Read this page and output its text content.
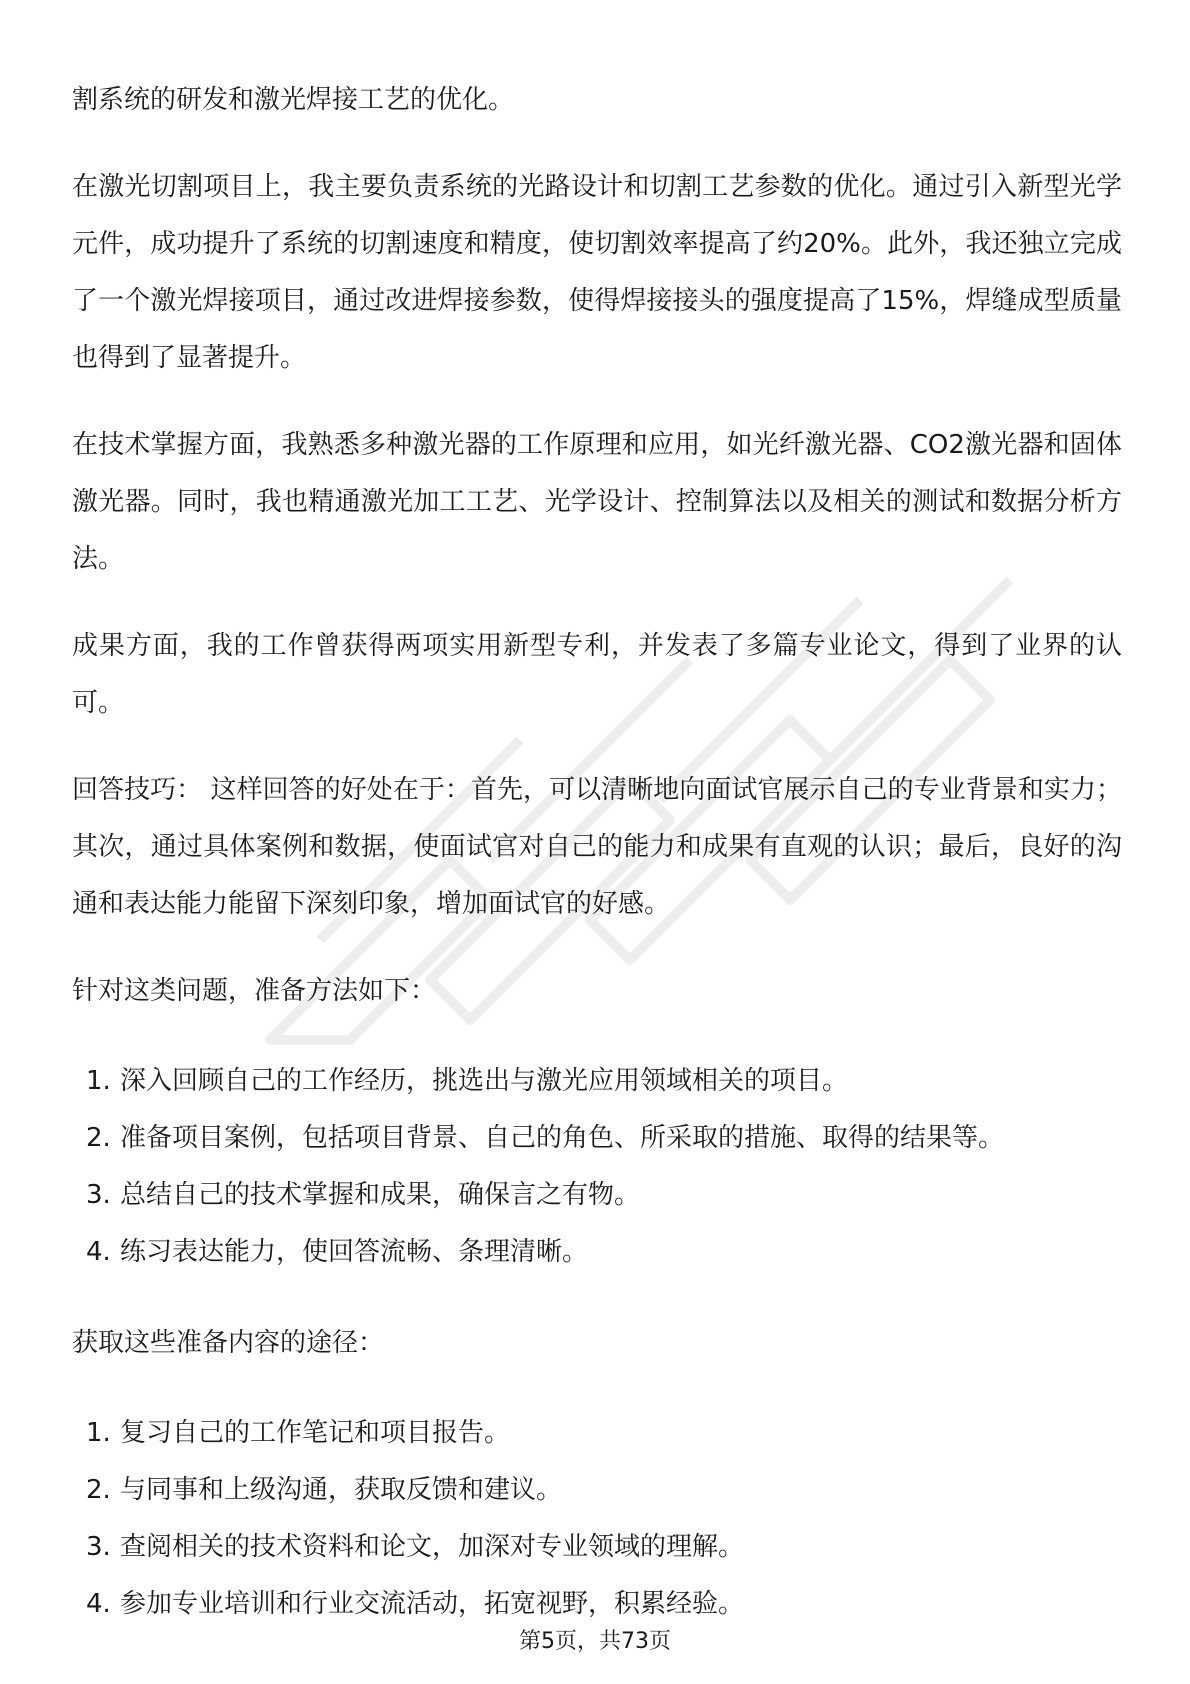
割系统的研发和激光焊接工艺的优化。

在激光切割项目上，我主要负责系统的光路设计和切割工艺参数的优化。通过引入新型光学元件，成功提升了系统的切割速度和精度，使切割效率提高了约20%。此外，我还独立完成了一个激光焊接项目，通过改进焊接参数，使得焊接接头的强度提高了15%，焊缝成型质量也得到了显著提升。

在技术掌握方面，我熟悉多种激光器的工作原理和应用，如光纤激光器、CO2激光器和固体激光器。同时，我也精通激光加工工艺、光学设计、控制算法以及相关的测试和数据分析方法。

成果方面，我的工作曾获得两项实用新型专利，并发表了多篇专业论文，得到了业界的认可。

回答技巧： 这样回答的好处在于：首先，可以清晰地向面试官展示自己的专业背景和实力；其次，通过具体案例和数据，使面试官对自己的能力和成果有直观的认识；最后，良好的沟通和表达能力能留下深刻印象，增加面试官的好感。

针对这类问题，准备方法如下：

1. 深入回顾自己的工作经历，挑选出与激光应用领域相关的项目。
2. 准备项目案例，包括项目背景、自己的角色、所采取的措施、取得的结果等。
3. 总结自己的技术掌握和成果，确保言之有物。
4. 练习表达能力，使回答流畅、条理清晰。

获取这些准备内容的途径：

1. 复习自己的工作笔记和项目报告。
2. 与同事和上级沟通，获取反馈和建议。
3. 查阅相关的技术资料和论文，加深对专业领域的理解。
4. 参加专业培训和行业交流活动，拓宽视野，积累经验。
第5页，共73页
